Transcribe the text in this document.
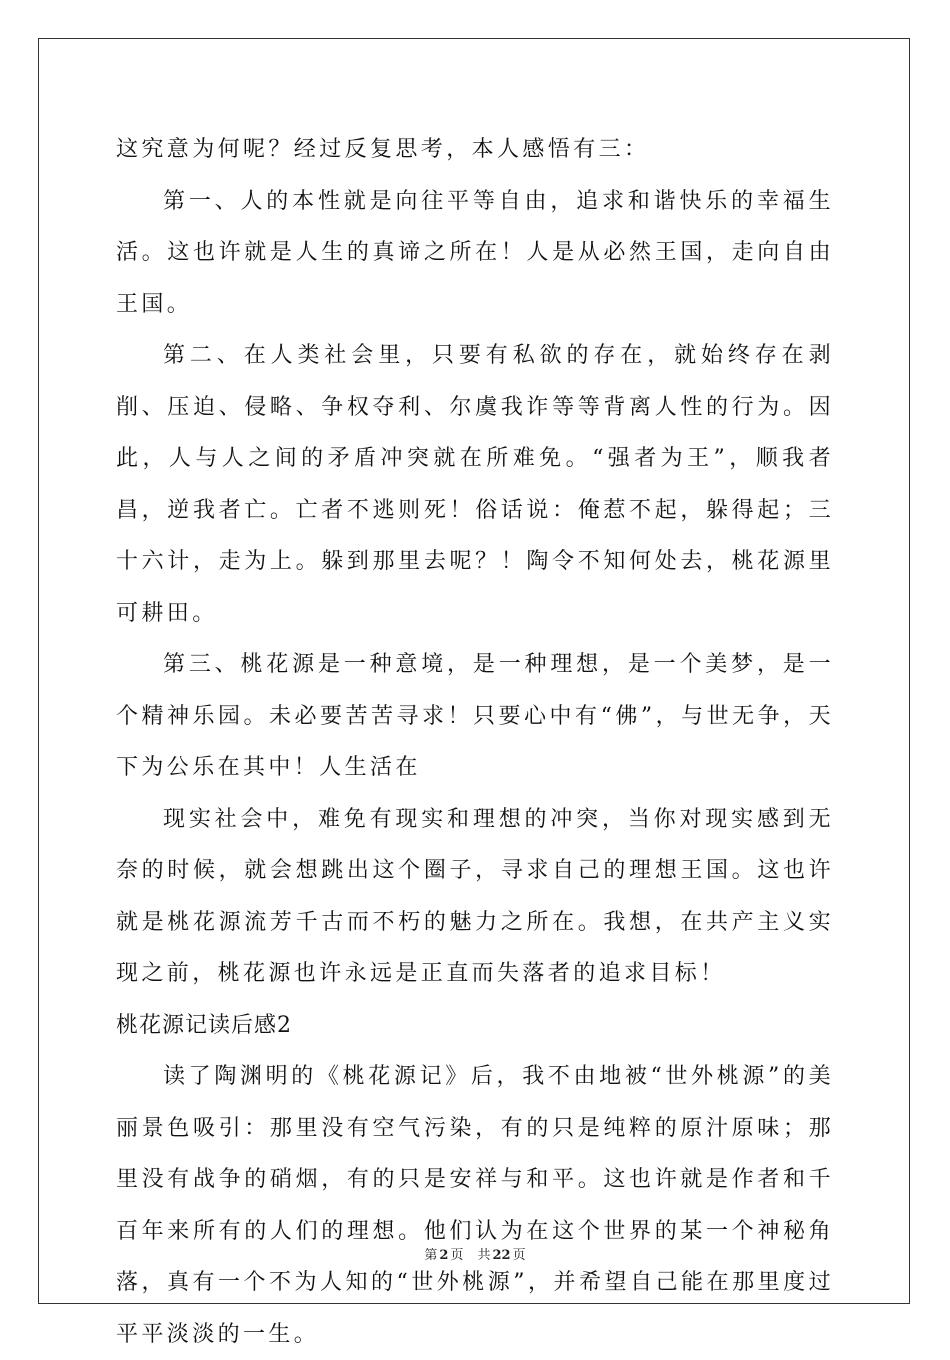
这究意为何呢？经过反复思考，本人感悟有三：

第一、人的本性就是向往平等自由，追求和谐快乐的幸福生活。这也许就是人生的真谛之所在！人是从必然王国，走向自由王国。

第二、在人类社会里，只要有私欲的存在，就始终存在剥削、压迫、侵略、争权夺利、尔虞我诈等等背离人性的行为。因此，人与人之间的矛盾冲突就在所难免。“强者为王”，顺我者昌，逆我者亡。亡者不逃则死！俗话说：俺惹不起，躲得起；三十六计，走为上。躲到那里去呢？！陶令不知何处去，桃花源里可耕田。

第三、桃花源是一种意境，是一种理想，是一个美梦，是一个精神乐园。未必要苦苦寻求！只要心中有“佛”，与世无争，天下为公乐在其中！人生活在

现实社会中，难免有现实和理想的冲突，当你对现实感到无奈的时候，就会想跳出这个圈子，寻求自己的理想王国。这也许就是桃花源流芳千古而不朽的魅力之所在。我想，在共产主义实现之前，桃花源也许永远是正直而失落者的追求目标！

桃花源记读后感2

读了陶渊明的《桃花源记》后，我不由地被“世外桃源”的美丽景色吸引：那里没有空气污染，有的只是纯粹的原汁原味；那里没有战争的硝烟，有的只是安祥与和平。这也许就是作者和千百年来所有的人们的理想。他们认为在这个世界的某一个神秘角落，真有一个不为人知的“世外桃源”，并希望自己能在那里度过平平淡淡的一生。

第 2 页 共 22 页
